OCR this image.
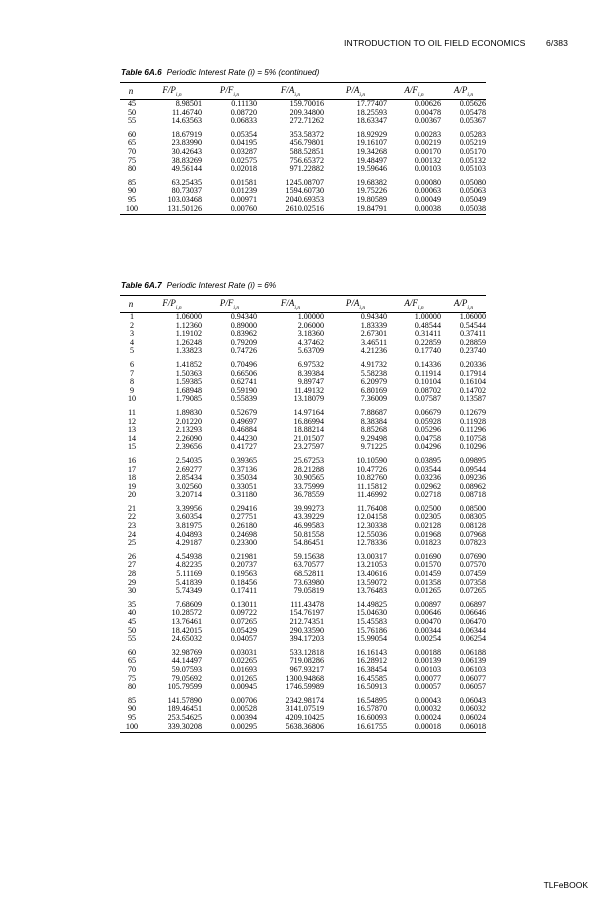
INTRODUCTION TO OIL FIELD ECONOMICS 6/383
Table 6A.6 Periodic Interest Rate (i) = 5% (continued)
n	$F/P_{i,n}$	$P/F_{i,n}$	$F/A_{i,n}$	$P/A_{i,n}$	$A/F_{i,n}$	$A/P_{i,n}$
45	8.98501	0.11130	159.70016	17.77407	0.00626	0.05626
50	11.46740	0.08720	209.34800	18.25593	0.00478	0.05478
55	14.63563	0.06833	272.71262	18.63347	0.00367	0.05367
60	18.67919	0.05354	353.58372	18.92929	0.00283	0.05283
65	23.83990	0.04195	456.79801	19.16107	0.00219	0.05219
70	30.42643	0.03287	588.52851	19.34268	0.00170	0.05170
75	38.83269	0.02575	756.65372	19.48497	0.00132	0.05132
80	49.56144	0.02018	971.22882	19.59646	0.00103	0.05103
85	63.25435	0.01581	1245.08707	19.68382	0.00080	0.05080
90	80.73037	0.01239	1594.60730	19.75226	0.00063	0.05063
95	103.03468	0.00971	2040.69353	19.80589	0.00049	0.05049
100	131.50126	0.00760	2610.02516	19.84791	0.00038	0.05038
Table 6A.7 Periodic Interest Rate (i) = 6%
n	$F/P_{i,n}$	$P/F_{i,n}$	$F/A_{i,n}$	$P/A_{i,n}$	$A/F_{i,n}$	$A/P_{i,n}$
1	1.06000	0.94340	1.00000	0.94340	1.00000	1.06000
2	1.12360	0.89000	2.06000	1.83339	0.48544	0.54544
3	1.19102	0.83962	3.18360	2.67301	0.31411	0.37411
4	1.26248	0.79209	4.37462	3.46511	0.22859	0.28859
5	1.33823	0.74726	5.63709	4.21236	0.17740	0.23740
6	1.41852	0.70496	6.97532	4.91732	0.14336	0.20336
7	1.50363	0.66506	8.39384	5.58238	0.11914	0.17914
8	1.59385	0.62741	9.89747	6.20979	0.10104	0.16104
9	1.68948	0.59190	11.49132	6.80169	0.08702	0.14702
10	1.79085	0.55839	13.18079	7.36009	0.07587	0.13587
11	1.89830	0.52679	14.97164	7.88687	0.06679	0.12679
12	2.01220	0.49697	16.86994	8.38384	0.05928	0.11928
13	2.13293	0.46884	18.88214	8.85268	0.05296	0.11296
14	2.26090	0.44230	21.01507	9.29498	0.04758	0.10758
15	2.39656	0.41727	23.27597	9.71225	0.04296	0.10296
16	2.54035	0.39365	25.67253	10.10590	0.03895	0.09895
17	2.69277	0.37136	28.21288	10.47726	0.03544	0.09544
18	2.85434	0.35034	30.90565	10.82760	0.03236	0.09236
19	3.02560	0.33051	33.75999	11.15812	0.02962	0.08962
20	3.20714	0.31180	36.78559	11.46992	0.02718	0.08718
21	3.39956	0.29416	39.99273	11.76408	0.02500	0.08500
22	3.60354	0.27751	43.39229	12.04158	0.02305	0.08305
23	3.81975	0.26180	46.99583	12.30338	0.02128	0.08128
24	4.04893	0.24698	50.81558	12.55036	0.01968	0.07968
25	4.29187	0.23300	54.86451	12.78336	0.01823	0.07823
26	4.54938	0.21981	59.15638	13.00317	0.01690	0.07690
27	4.82235	0.20737	63.70577	13.21053	0.01570	0.07570
28	5.11169	0.19563	68.52811	13.40616	0.01459	0.07459
29	5.41839	0.18456	73.63980	13.59072	0.01358	0.07358
30	5.74349	0.17411	79.05819	13.76483	0.01265	0.07265
35	7.68609	0.13011	111.43478	14.49825	0.00897	0.06897
40	10.28572	0.09722	154.76197	15.04630	0.00646	0.06646
45	13.76461	0.07265	212.74351	15.45583	0.00470	0.06470
50	18.42015	0.05429	290.33590	15.76186	0.00344	0.06344
55	24.65032	0.04057	394.17203	15.99054	0.00254	0.06254
60	32.98769	0.03031	533.12818	16.16143	0.00188	0.06188
65	44.14497	0.02265	719.08286	16.28912	0.00139	0.06139
70	59.07593	0.01693	967.93217	16.38454	0.00103	0.06103
75	79.05692	0.01265	1300.94868	16.45585	0.00077	0.06077
80	105.79599	0.00945	1746.59989	16.50913	0.00057	0.06057
85	141.57890	0.00706	2342.98174	16.54895	0.00043	0.06043
90	189.46451	0.00528	3141.07519	16.57870	0.00032	0.06032
95	253.54625	0.00394	4209.10425	16.60093	0.00024	0.06024
100	339.30208	0.00295	5638.36806	16.61755	0.00018	0.06018
TLFeBOOK
